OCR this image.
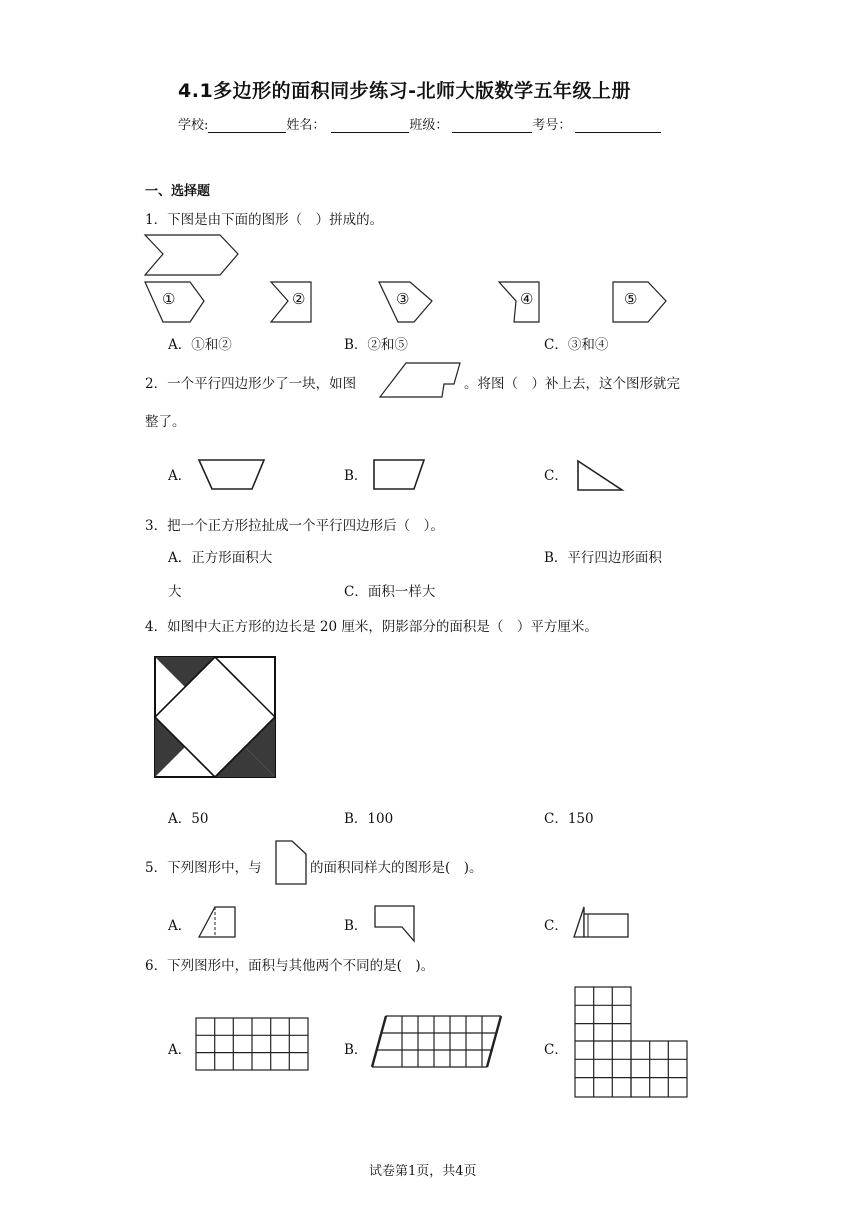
4.1多边形的面积同步练习-北师大版数学五年级上册
学校:	姓名：	班级：	考号：
一、选择题
1．下图是由下面的图形（　）拼成的。
①	②	③	④	⑤
A．①和②	B．②和⑤	C．③和④
2．一个平行四边形少了一块，如图	。将图（　）补上去，这个图形就完
整了。
A．	B．	C．
3．把一个正方形拉扯成一个平行四边形后（　）。
A．正方形面积大	B．平行四边形面积
大	C．面积一样大
4．如图中大正方形的边长是 20 厘米，阴影部分的面积是（　）平方厘米。
A．50	B．100	C．150
5．下列图形中，与	的面积同样大的图形是(　)。
A．	B．	C．
6．下列图形中，面积与其他两个不同的是(　)。
A．	B．	C．
试卷第1页，共4页
